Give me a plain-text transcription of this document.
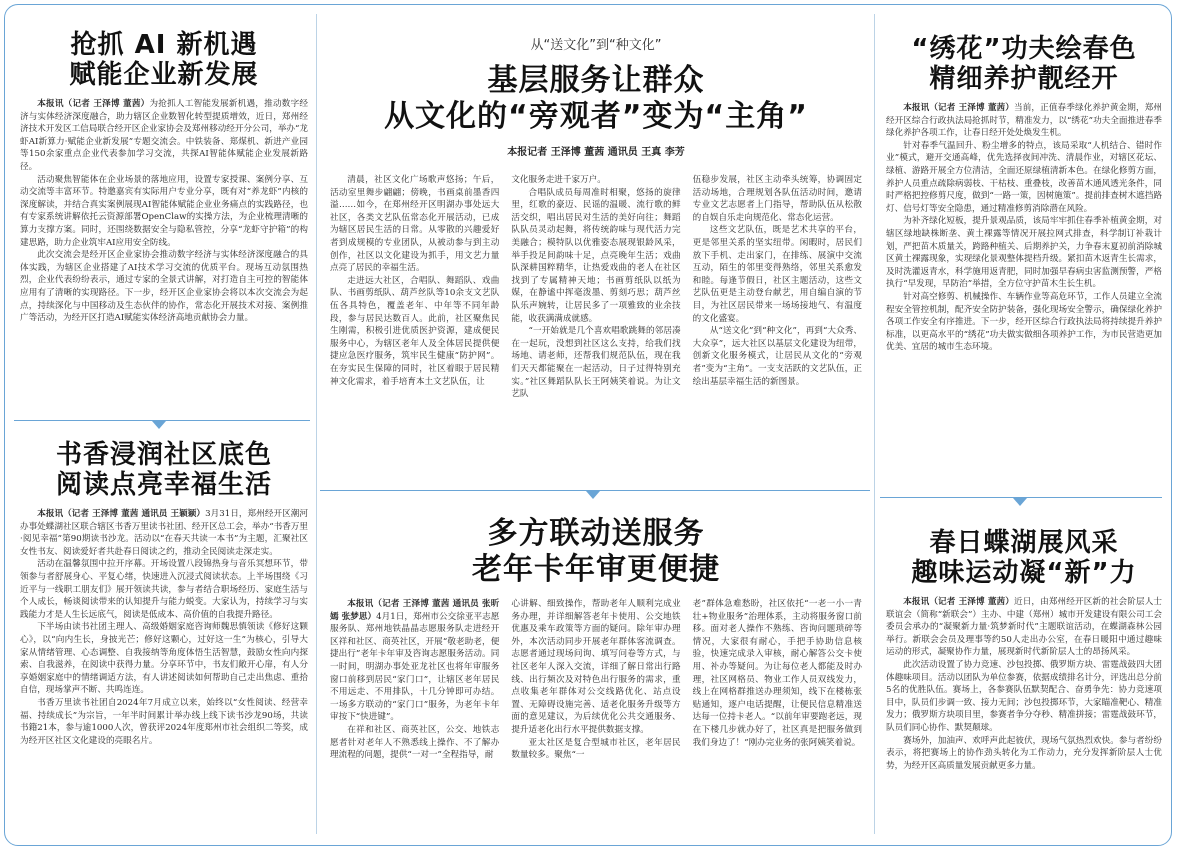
抢抓 AI 新机遇
赋能企业新发展

本报讯（记者 王泽博 董茜）为抢抓人工智能发展新机遇，推动数字经济与实体经济深度融合，助力辖区企业数智化转型提质增效，近日，郑州经济技术开发区工信局联合经开区企业家协会及郑州移动经开分公司，举办“龙虾AI新算力·赋能企业新发展”专题交流会。中铁装备、郑煤机、新进产业园等150余家重点企业代表参加学习交流，共探AI智能体赋能企业发展新路径。

活动聚焦智能体在企业场景的落地应用，设置专家授课、案例分享、互动交流等丰富环节。特邀嘉宾有实际用户专业分享，既有对“养龙虾”内核的深度解读，并结合真实案例展现AI智能体赋能企业业务痛点的实践路径，也有专家系统讲解依托云资源部署OpenClaw的实操方法，为企业梳理清晰的算力支撑方案。同时，还围绕数据安全与隐私管控，分享“龙虾守护箱”的构建思路，助力企业筑牢AI应用安全防线。

此次交流会是经开区企业家协会推动数字经济与实体经济深度融合的具体实践，为辖区企业搭建了AI技术学习交流的优质平台。现场互动氛围热烈，企业代表纷纷表示，通过专家的全景式讲解，对打造自主可控的智能体应用有了清晰的实现路径。下一步，经开区企业家协会将以本次交流会为起点，持续深化与中国移动及生态伙伴的协作，常态化开展技术对接、案例推广等活动，为经开区打造AI赋能实体经济高地贡献协会力量。

书香浸润社区底色
阅读点亮幸福生活

本报讯（记者 王泽博 董茜 通讯员 王颖颖）3月31日，郑州经开区潮河办事处蝶湖社区联合辖区书香万里读书社团、经开区总工会，举办“书香万里·阅见幸福”第90期读书沙龙。活动以“在春天共读一本书”为主题，汇聚社区女性书友、阅读爱好者共赴春日阅读之约，推动全民阅读走深走实。

活动在温馨氛围中拉开序幕。开场设置八段锦热身与音乐冥想环节，带领参与者舒展身心、平复心绪，快速进入沉浸式阅读状态。上半场围绕《习近平与一线职工朋友们》展开领读共读，参与者结合职场经历、家庭生活与个人成长，畅谈阅读带来的认知提升与能力蜕变。大家认为，持续学习与实践能力才是人生长远底气，阅读是低成本、高价值的自我提升路径。

下半场由读书社团主理人、高级婚姻家庭咨询师魏思慎领读《修好这颗心》，以“向内生长，身披光芒；修好这颗心，过好这一生”为核心，引导大家从情绪管理、心态调整、自我接纳等角度体悟生活智慧，鼓励女性向内探索、自我滋养，在阅读中获得力量。分享环节中，书友们敞开心扉，有人分享婚姻家庭中的情绪调适方法，有人讲述阅读如何帮助自己走出焦虑、重拾自信，现场掌声不断、共鸣连连。

书香万里读书社团自2024年7月成立以来，始终以“女性阅读、经营幸福、持续成长”为宗旨，一年半时间累计举办线上线下读书沙龙90场，共读书籍21本，参与逾1000人次，曾获评2024年度郑州市社会组织二等奖，成为经开区社区文化建设的亮眼名片。

从“送文化”到“种文化”

基层服务让群众
从文化的“旁观者”变为“主角”
本报记者 王泽博 董茜 通讯员 王真 李芳

清晨，社区文化广场歌声悠扬；午后，活动室里舞步翩翩；傍晚，书画桌前墨香四溢……如今，在郑州经开区明湖办事处远大社区，各类文艺队伍常态化开展活动，已成为辖区居民生活的日常。从零散的兴趣爱好者到成规模的专业团队，从被动参与到主动创作，社区以文化建设为抓手，用文艺力量点亮了居民的幸福生活。

走进远大社区，合唱队、舞蹈队、戏曲队、书画剪纸队、葫芦丝队等10余支文艺队伍各具特色，覆盖老年、中年等不同年龄段，参与居民达数百人。此前，社区聚焦民生刚需，积极引进优质医护资源，建成便民服务中心，为辖区老年人及全体居民提供便捷应急医疗服务，筑牢民生健康“防护网”。在夯实民生保障的同时，社区着眼于居民精神文化需求，着手培育本土文艺队伍，让

文化服务走进千家万户。

合唱队成员每周准时相聚，悠扬的旋律里，红歌的豪迈、民谣的温暖、流行歌的鲜活交织，唱出居民对生活的美好向往；舞蹈队队员灵动起舞，将传统韵味与现代活力完美融合；模特队以优雅姿态展现银龄风采，举手投足间韵味十足，点亮晚年生活；戏曲队深耕国粹精华，让热爱戏曲的老人在社区找到了专属精神天地；书画剪纸队以纸为媒，在静谧中挥毫泼墨、剪刻巧思；葫芦丝队乐声婉转，让居民多了一项雅致的业余技能，收获满满成就感。

“一开始就是几个喜欢唱歌跳舞的邻居凑在一起玩，没想到社区这么支持，给我们找场地、请老师，还帮我们规范队伍，现在我们天天都能聚在一起活动，日子过得特别充实。”社区舞蹈队队长王阿姨笑着说。为让文艺队

伍稳步发展，社区主动牵头统筹，协调固定活动场地，合理规划各队伍活动时间，邀请专业文艺志愿者上门指导，帮助队伍从松散的自娱自乐走向规范化、常态化运营。

这些文艺队伍，既是艺术共享的平台，更是邻里关系的坚实纽带。闲暇时，居民们放下手机、走出家门，在排练、展演中交流互动，陌生的邻里变得熟络，邻里关系愈发和睦。每逢节假日，社区主题活动，这些文艺队伍更是主动登台献艺，用自编自演的节目，为社区居民带来一场场接地气、有温度的文化盛宴。

从“送文化”到“种文化”，再到“大众秀、大众享”，远大社区以基层文化建设为纽带，创新文化服务模式，让居民从文化的“旁观者”变为“主角”。一支支活跃的文艺队伍，正绘出基层幸福生活的新图景。

多方联动送服务
老年卡年审更便捷

本报讯（记者 王泽博 董茜 通讯员 张昕嫣 张梦思）4月1日，郑州市公交徐亚平志愿服务队、郑州地铁晶晶志愿服务队走进经开区祥和社区、商英社区，开展“敬老助老，便捷出行”老年卡年审及咨询志愿服务活动。同一时间，明湖办事处亚龙社区也将年审服务窗口前移到居民“家门口”，让辖区老年居民不用远走、不用排队，十几分钟即可办结。一场多方联动的“家门口”服务，为老年卡年审按下“快进键”。

在祥和社区、商英社区，公交、地铁志愿者针对老年人不熟悉线上操作、不了解办理流程的问题，提供“一对一”全程指导，耐

心讲解、细致操作，帮助老年人顺利完成业务办理，并详细解答老年卡使用、公交地铁优惠及乘车政策等方面的疑问。除年审办理外，本次活动同步开展老年群体客流调查。志愿者通过现场问询、填写问卷等方式，与社区老年人深入交流，详细了解日常出行路线、出行频次及对特色出行服务的需求，重点收集老年群体对公交线路优化、站点设置、无障碍设施完善、适老化服务升级等方面的意见建议，为后续优化公共交通服务、提升适老化出行水平提供数据支撑。

亚太社区是复合型城市社区，老年居民数量较多。聚焦“一

老”群体急难愁盼，社区依托“一老一小一青壮+物业服务”治理体系，主动将服务窗口前移。面对老人操作不熟练、咨询问题琐碎等情况，大家很有耐心，手把手协助信息核验，快速完成录入审核，耐心解答公交卡使用、补办等疑问。为让每位老人都能及时办理，社区网格员、物业工作人员双线发力，线上在网格群推送办理须知，线下在楼栋张贴通知，逐户电话提醒，让便民信息精准送达每一位持卡老人。“以前年审要跑老远，现在下楼几步就办好了，社区真是把服务做到我们身边了！”刚办完业务的张阿姨笑着说。

“绣花”功夫绘春色
精细养护靓经开

本报讯（记者 王泽博 董茜）当前，正值春季绿化养护黄金期，郑州经开区综合行政执法局抢抓时节，精准发力，以“绣花”功夫全面推进春季绿化养护各项工作，让春日经开处处焕发生机。

针对春季气温回升、粉尘增多的特点，该局采取“人机结合、错时作业”模式，避开交通高峰，优先选择夜间冲洗、清晨作业，对辖区花坛、绿植、游路开展全方位清洁，全面还原绿植清新本色。在绿化修剪方面，养护人员重点疏除病弱枝、干枯枝、重叠枝，改善苗木通风透光条件，同时严格把控修剪尺度，做到“一路一策，因树施策”。提前排查树木遮挡路灯、信号灯等安全隐患，通过精准修剪消除潜在风险。

为补齐绿化短板，提升景观品质，该局牢牢抓住春季补植黄金期，对辖区绿地缺株断垄、黄土裸露等情况开展拉网式排查，科学制订补栽计划，严把苗木质量关，跨路种植关、后期养护关，力争春末夏初前消除城区黄土裸露现象，实现绿化景观整体提档升级。紧扣苗木返青生长需求，及时洗灌返青水，科学施用返青肥，同时加强早春病虫害监测预警，严格执行“早发现，早防治”举措，全方位守护苗木生长生机。

针对高空修剪、机械操作、车辆作业等高危环节，工作人员建立全流程安全管控机制，配齐安全防护装备，强化现场安全警示，确保绿化养护各项工作安全有序推进。下一步，经开区综合行政执法局将持续提升养护标准，以更高水平的“绣花”功夫做实做细各项养护工作，为市民营造更加优美、宜居的城市生态环境。

春日蝶湖展风采
趣味运动凝“新”力

本报讯（记者 王泽博 董茜）近日，由郑州经开区新的社会阶层人士联谊会（简称“新联会”）主办、中建（郑州）城市开发建设有限公司工会委员会承办的“凝聚新力量·筑梦新时代”主题联谊活动，在蝶湖森林公园举行。新联会会员及理事等约50人走出办公室，在春日暖阳中通过趣味运动的形式，凝聚协作力量，展现新时代新阶层人士的昂扬风采。

此次活动设置了协力竞速、沙包投掷、俄罗斯方块、雷霆战鼓四大团体趣味项目。活动以团队为单位参赛，依据成绩排名计分，评选出总分前5名的优胜队伍。赛场上，各参赛队伍默契配合、奋勇争先：协力竞速项目中，队员们步调一致、接力无间；沙包投掷环节，大家瞄准靶心、精准发力；俄罗斯方块项目里，参赛者争分夺秒、精准拼接；雷霆战鼓环节，队员们同心协作、默契颠球。

赛场外，加油声、欢呼声此起彼伏，现场气氛热烈欢快。参与者纷纷表示，将把赛场上的协作劲头转化为工作动力，充分发挥新阶层人士优势，为经开区高质量发展贡献更多力量。
